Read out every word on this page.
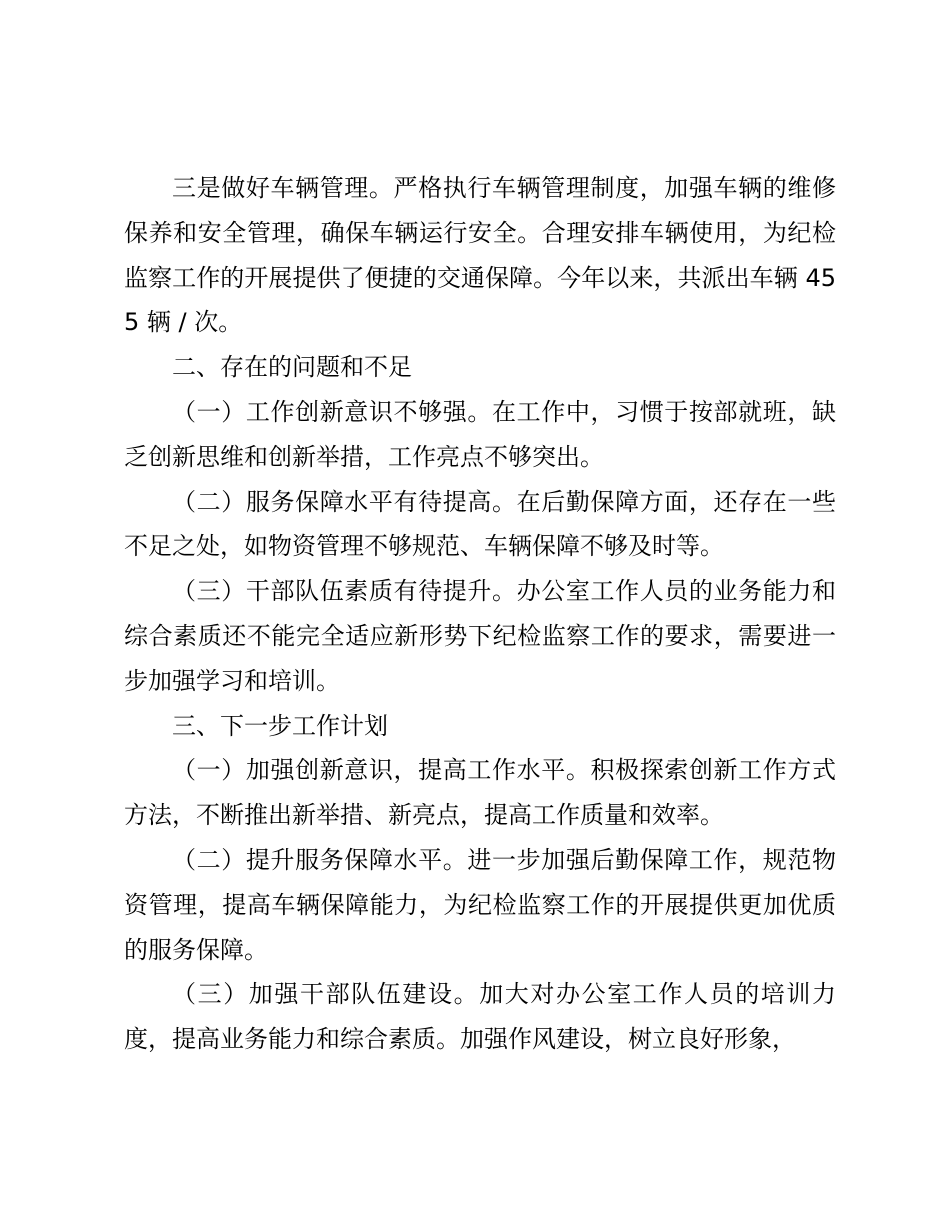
三是做好车辆管理。严格执行车辆管理制度，加强车辆的维修保养和安全管理，确保车辆运行安全。合理安排车辆使用，为纪检监察工作的开展提供了便捷的交通保障。今年以来，共派出车辆 455 辆 / 次。

二、存在的问题和不足

（一）工作创新意识不够强。在工作中，习惯于按部就班，缺乏创新思维和创新举措，工作亮点不够突出。

（二）服务保障水平有待提高。在后勤保障方面，还存在一些不足之处，如物资管理不够规范、车辆保障不够及时等。

（三）干部队伍素质有待提升。办公室工作人员的业务能力和综合素质还不能完全适应新形势下纪检监察工作的要求，需要进一步加强学习和培训。

三、下一步工作计划

（一）加强创新意识，提高工作水平。积极探索创新工作方式方法，不断推出新举措、新亮点，提高工作质量和效率。

（二）提升服务保障水平。进一步加强后勤保障工作，规范物资管理，提高车辆保障能力，为纪检监察工作的开展提供更加优质的服务保障。

（三）加强干部队伍建设。加大对办公室工作人员的培训力度，提高业务能力和综合素质。加强作风建设，树立良好形象，
